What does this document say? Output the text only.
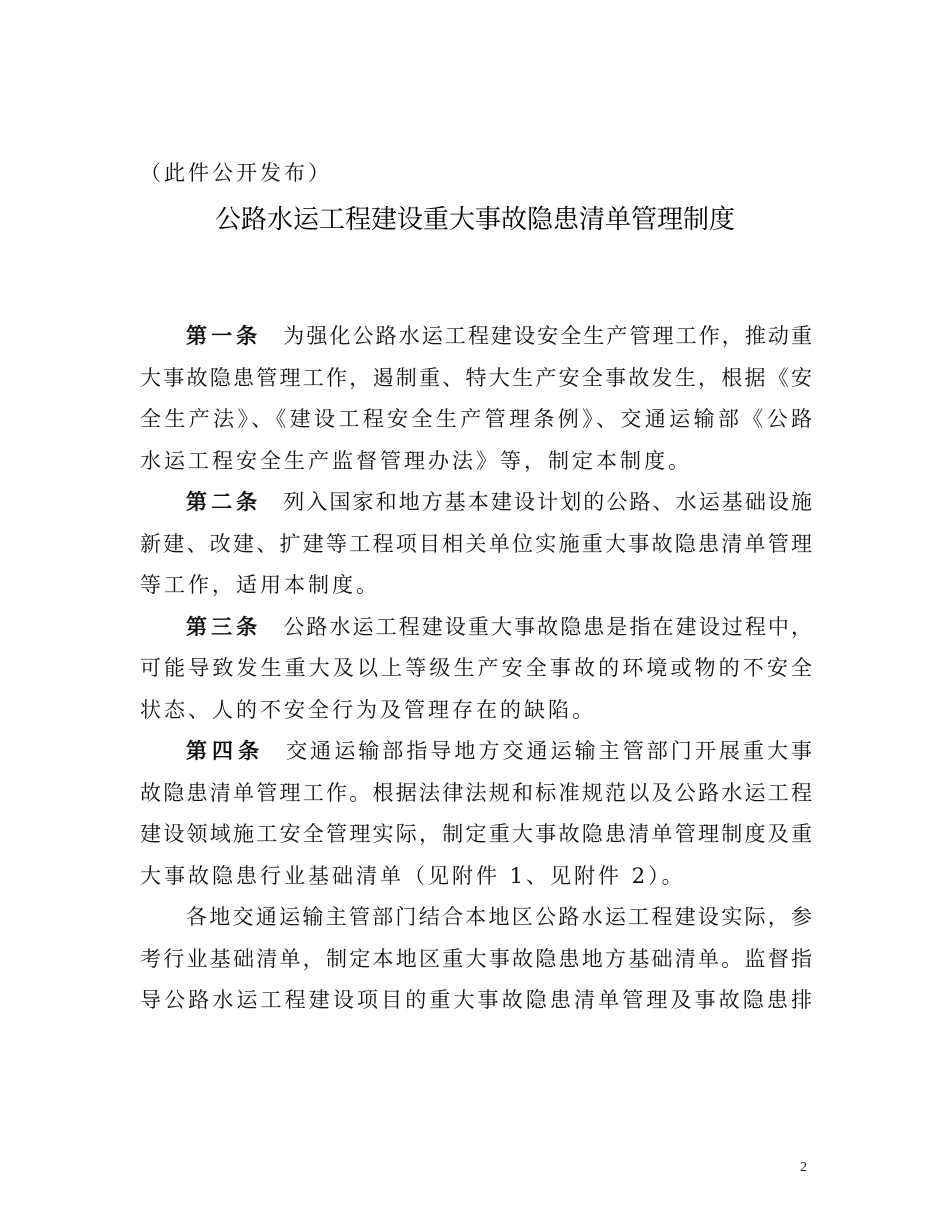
（此件公开发布）
公路水运工程建设重大事故隐患清单管理制度
第一条 为强化公路水运工程建设安全生产管理工作，推动重
大事故隐患管理工作，遏制重、特大生产安全事故发生，根据《安
全生产法》、《建设工程安全生产管理条例》、交通运输部《公路
水运工程安全生产监督管理办法》等，制定本制度。
第二条 列入国家和地方基本建设计划的公路、水运基础设施
新建、改建、扩建等工程项目相关单位实施重大事故隐患清单管理
等工作，适用本制度。
第三条 公路水运工程建设重大事故隐患是指在建设过程中，
可能导致发生重大及以上等级生产安全事故的环境或物的不安全
状态、人的不安全行为及管理存在的缺陷。
第四条 交通运输部指导地方交通运输主管部门开展重大事
故隐患清单管理工作。根据法律法规和标准规范以及公路水运工程
建设领域施工安全管理实际，制定重大事故隐患清单管理制度及重
大事故隐患行业基础清单（见附件 1、见附件 2）。
各地交通运输主管部门结合本地区公路水运工程建设实际，参
考行业基础清单，制定本地区重大事故隐患地方基础清单。监督指
导公路水运工程建设项目的重大事故隐患清单管理及事故隐患排
2
